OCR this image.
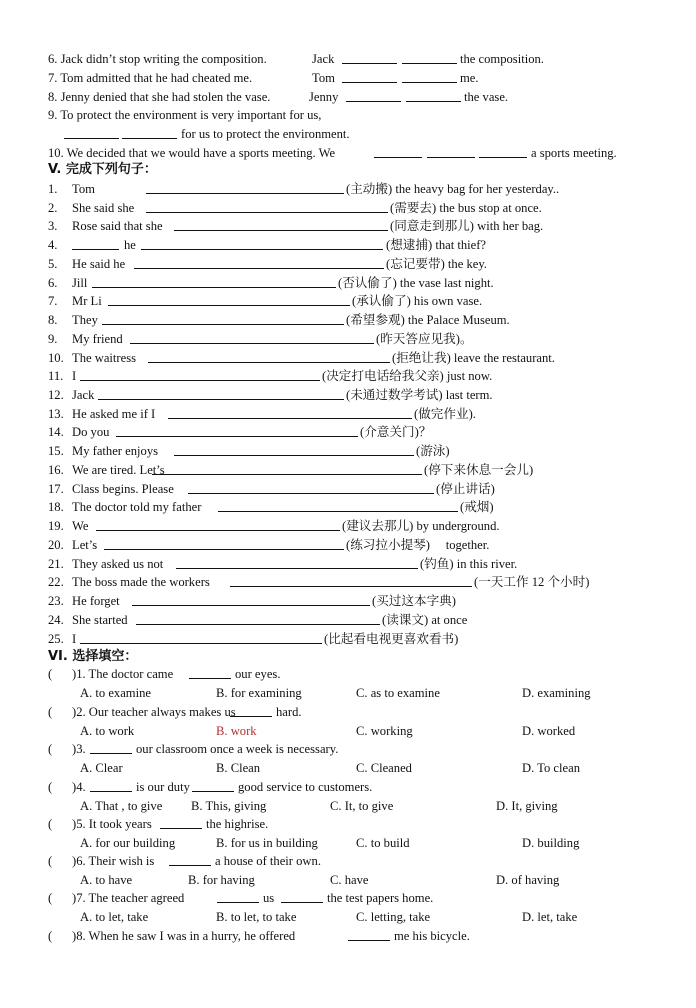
6. Jack didn’t stop writing the composition.	Jack	the composition.
7. Tom admitted that he had cheated me.	Tom	me.
8. Jenny denied that she had stolen the vase.	Jenny	the vase.
9. To protect the environment is very important for us,
for us to protect the environment.
10. We decided that we would have a sports meeting. We	a sports meeting.
V. 完成下列句子：
1. Tom	(主动搬) the heavy bag for her yesterday..
2. She said she	(需要去) the bus stop at once.
3. Rose said that she	(同意走到那儿) with her bag.
4.	he	(想逮捕) that thief?
5. He said he	(忘记要带) the key.
6. Jill	(否认偷了) the vase last night.
7. Mr Li	(承认偷了) his own vase.
8. They	(希望参观) the Palace Museum.
9. My friend	(昨天答应见我)。
10. The waitress	(拒绝让我) leave the restaurant.
11. I	(决定打电话给我父亲) just now.
12. Jack	(未通过数学考试) last term.
13. He asked me if I	(做完作业).
14. Do you	(介意关门)？
15. My father enjoys	(游泳)
16. We are tired. Let’s	(停下来休息一会儿)
17. Class begins. Please	(停止讲话)
18. The doctor told my father	(戒烟)
19. We	(建议去那儿) by underground.
20. Let’s	(练习拉小提琴)     together.
21. They asked us not	(钓鱼) in this river.
22. The boss made the workers	(一天工作 12 个小时)
23. He forget	(买过这本字典)
24. She started	(读课文) at once
25. I	(比起看电视更喜欢看书)
VI. 选择填空：
( )1. The doctor came	our eyes.
A. to examine	B. for examining	C. as to examine	D. examining
( )2. Our teacher always makes us	hard.
A. to work	B. work	C. working	D. worked
( )3.	our classroom once a week is necessary.
A. Clear	B. Clean	C. Cleaned	D. To clean
( )4.	is our duty	good service to customers.
A. That , to give B. This, giving	C. It, to give	D. It, giving
( )5. It took years	the highrise.
A. for our building	B. for us in building	C. to build	D. building
( )6. Their wish is	a house of their own.
A. to have	B. for having	C. have	D. of having
( )7. The teacher agreed	us	the test papers home.
A. to let, take	B. to let, to take	C. letting, take	D. let, take
( )8. When he saw I was in a hurry, he offered	me his bicycle.
